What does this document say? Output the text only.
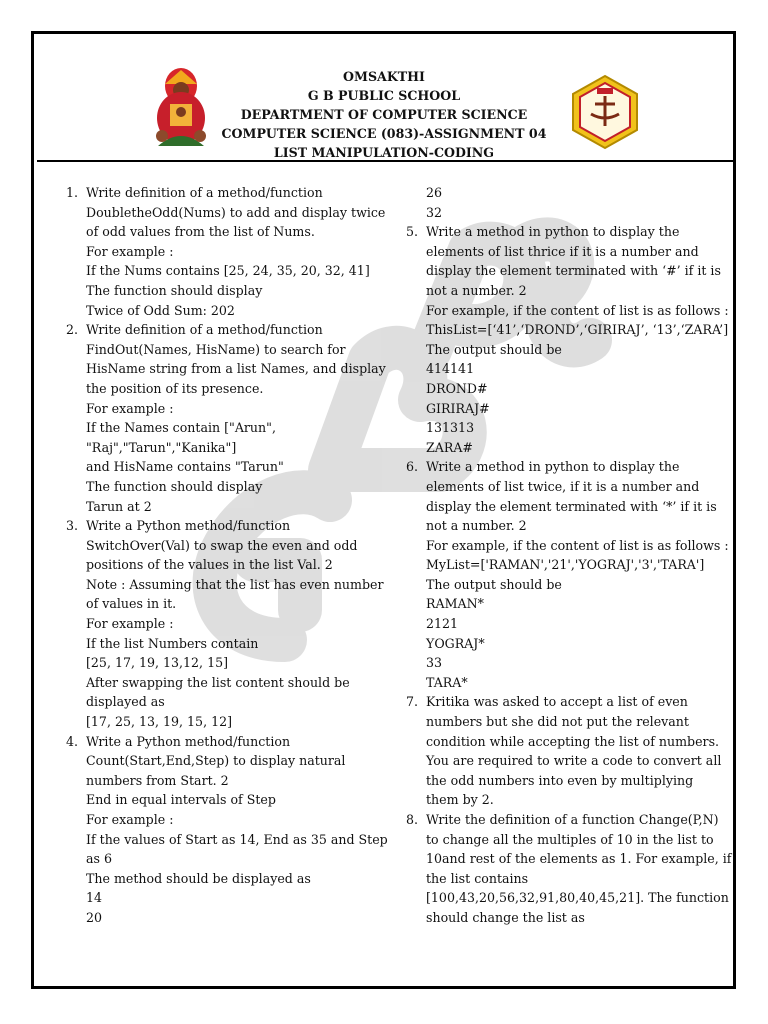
OMSAKTHI
G B PUBLIC SCHOOL
DEPARTMENT OF COMPUTER SCIENCE
COMPUTER SCIENCE (083)-ASSIGNMENT 04
LIST MANIPULATION-CODING
1. Write definition of a method/function
DoubletheOdd(Nums) to add and display twice
of odd values from the list of Nums.
For example :
If the Nums contains [25, 24, 35, 20, 32, 41]
The function should display
Twice of Odd Sum: 202
2. Write definition of a method/function
FindOut(Names, HisName) to search for
HisName string from a list Names, and display
the position of its presence.
For example :
If the Names contain ["Arun",
"Raj","Tarun","Kanika"]
and HisName contains "Tarun"
The function should display
Tarun at 2
3. Write a Python method/function
SwitchOver(Val) to swap the even and odd
positions of the values in the list Val. 2
Note : Assuming that the list has even number
of values in it.
For example :
If the list Numbers contain
[25, 17, 19, 13,12, 15]
After swapping the list content should be
displayed as
[17, 25, 13, 19, 15, 12]
4. Write a Python method/function
Count(Start,End,Step) to display natural
numbers from Start. 2
End in equal intervals of Step
For example :
If the values of Start as 14, End as 35 and Step
as 6
The method should be displayed as
14
20
26
32
5. Write a method in python to display the
elements of list thrice if it is a number and
display the element terminated with ‘#’ if it is
not a number. 2
For example, if the content of list is as follows :
ThisList=[‘41’,‘DROND’,‘GIRIRAJ’, ‘13’,‘ZARA’]
The output should be
414141
DROND#
GIRIRAJ#
131313
ZARA#
6. Write a method in python to display the
elements of list twice, if it is a number and
display the element terminated with ‘*’ if it is
not a number. 2
For example, if the content of list is as follows :
MyList=['RAMAN','21','YOGRAJ','3','TARA']
The output should be
RAMAN*
2121
YOGRAJ*
33
TARA*
7. Kritika was asked to accept a list of even
numbers but she did not put the relevant
condition while accepting the list of numbers.
You are required to write a code to convert all
the odd numbers into even by multiplying
them by 2.
8. Write the definition of a function Change(P,N)
to change all the multiples of 10 in the list to
10and rest of the elements as 1. For example, if
the list contains
[100,43,20,56,32,91,80,40,45,21]. The function
should change the list as
